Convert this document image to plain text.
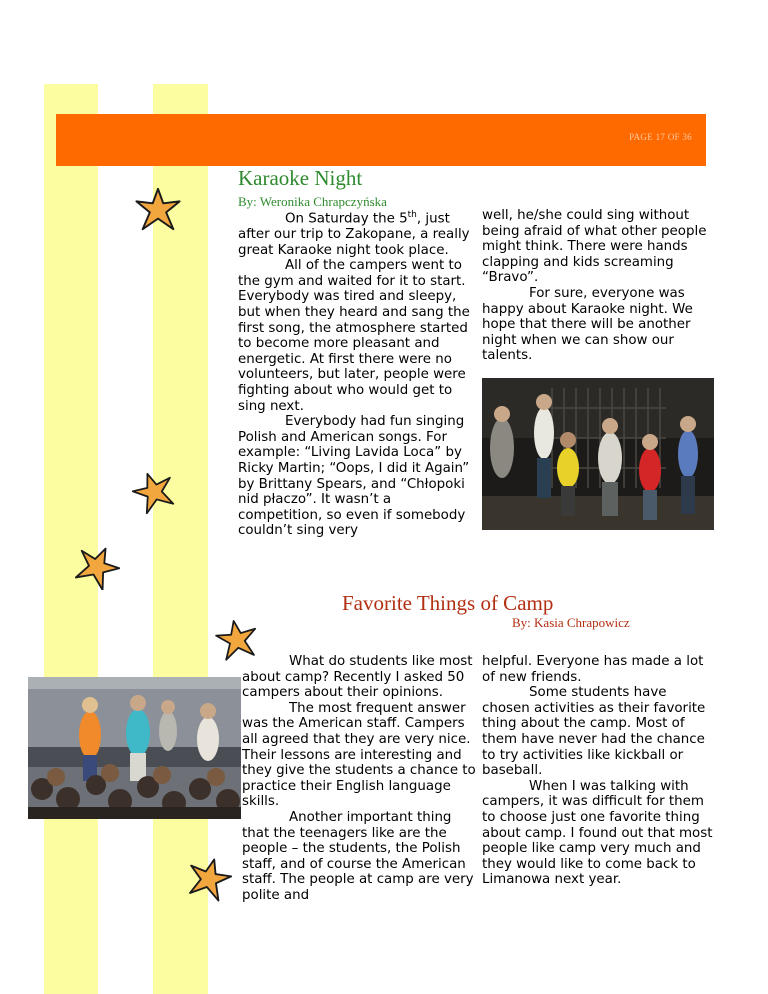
PAGE 17 OF 36
Karaoke Night
By: Weronika Chrapczyńska

On Saturday the 5th, just after our trip to Zakopane, a really great Karaoke night took place.

All of the campers went to the gym and waited for it to start. Everybody was tired and sleepy, but when they heard and sang the first song, the atmosphere started to become more pleasant and energetic. At first there were no volunteers, but later, people were fighting about who would get to sing next.

Everybody had fun singing Polish and American songs. For example: “Living Lavida Loca” by Ricky Martin; “Oops, I did it Again” by Brittany Spears, and “Chłopoki nid płaczo”. It wasn’t a competition, so even if somebody couldn’t sing very

well, he/she could sing without being afraid of what other people might think. There were hands clapping and kids screaming “Bravo”.

For sure, everyone was happy about Karaoke night. We hope that there will be another night when we can show our talents.

Favorite Things of Camp
By: Kasia Chrapowicz

What do students like most about camp? Recently I asked 50 campers about their opinions.

The most frequent answer was the American staff. Campers all agreed that they are very nice. Their lessons are interesting and they give the students a chance to practice their English language skills.

Another important thing that the teenagers like are the people – the students, the Polish staff, and of course the American staff. The people at camp are very polite and

helpful. Everyone has made a lot of new friends.

Some students have chosen activities as their favorite thing about the camp. Most of them have never had the chance to try activities like kickball or baseball.

When I was talking with campers, it was difficult for them to choose just one favorite thing about camp. I found out that most people like camp very much and they would like to come back to Limanowa next year.
